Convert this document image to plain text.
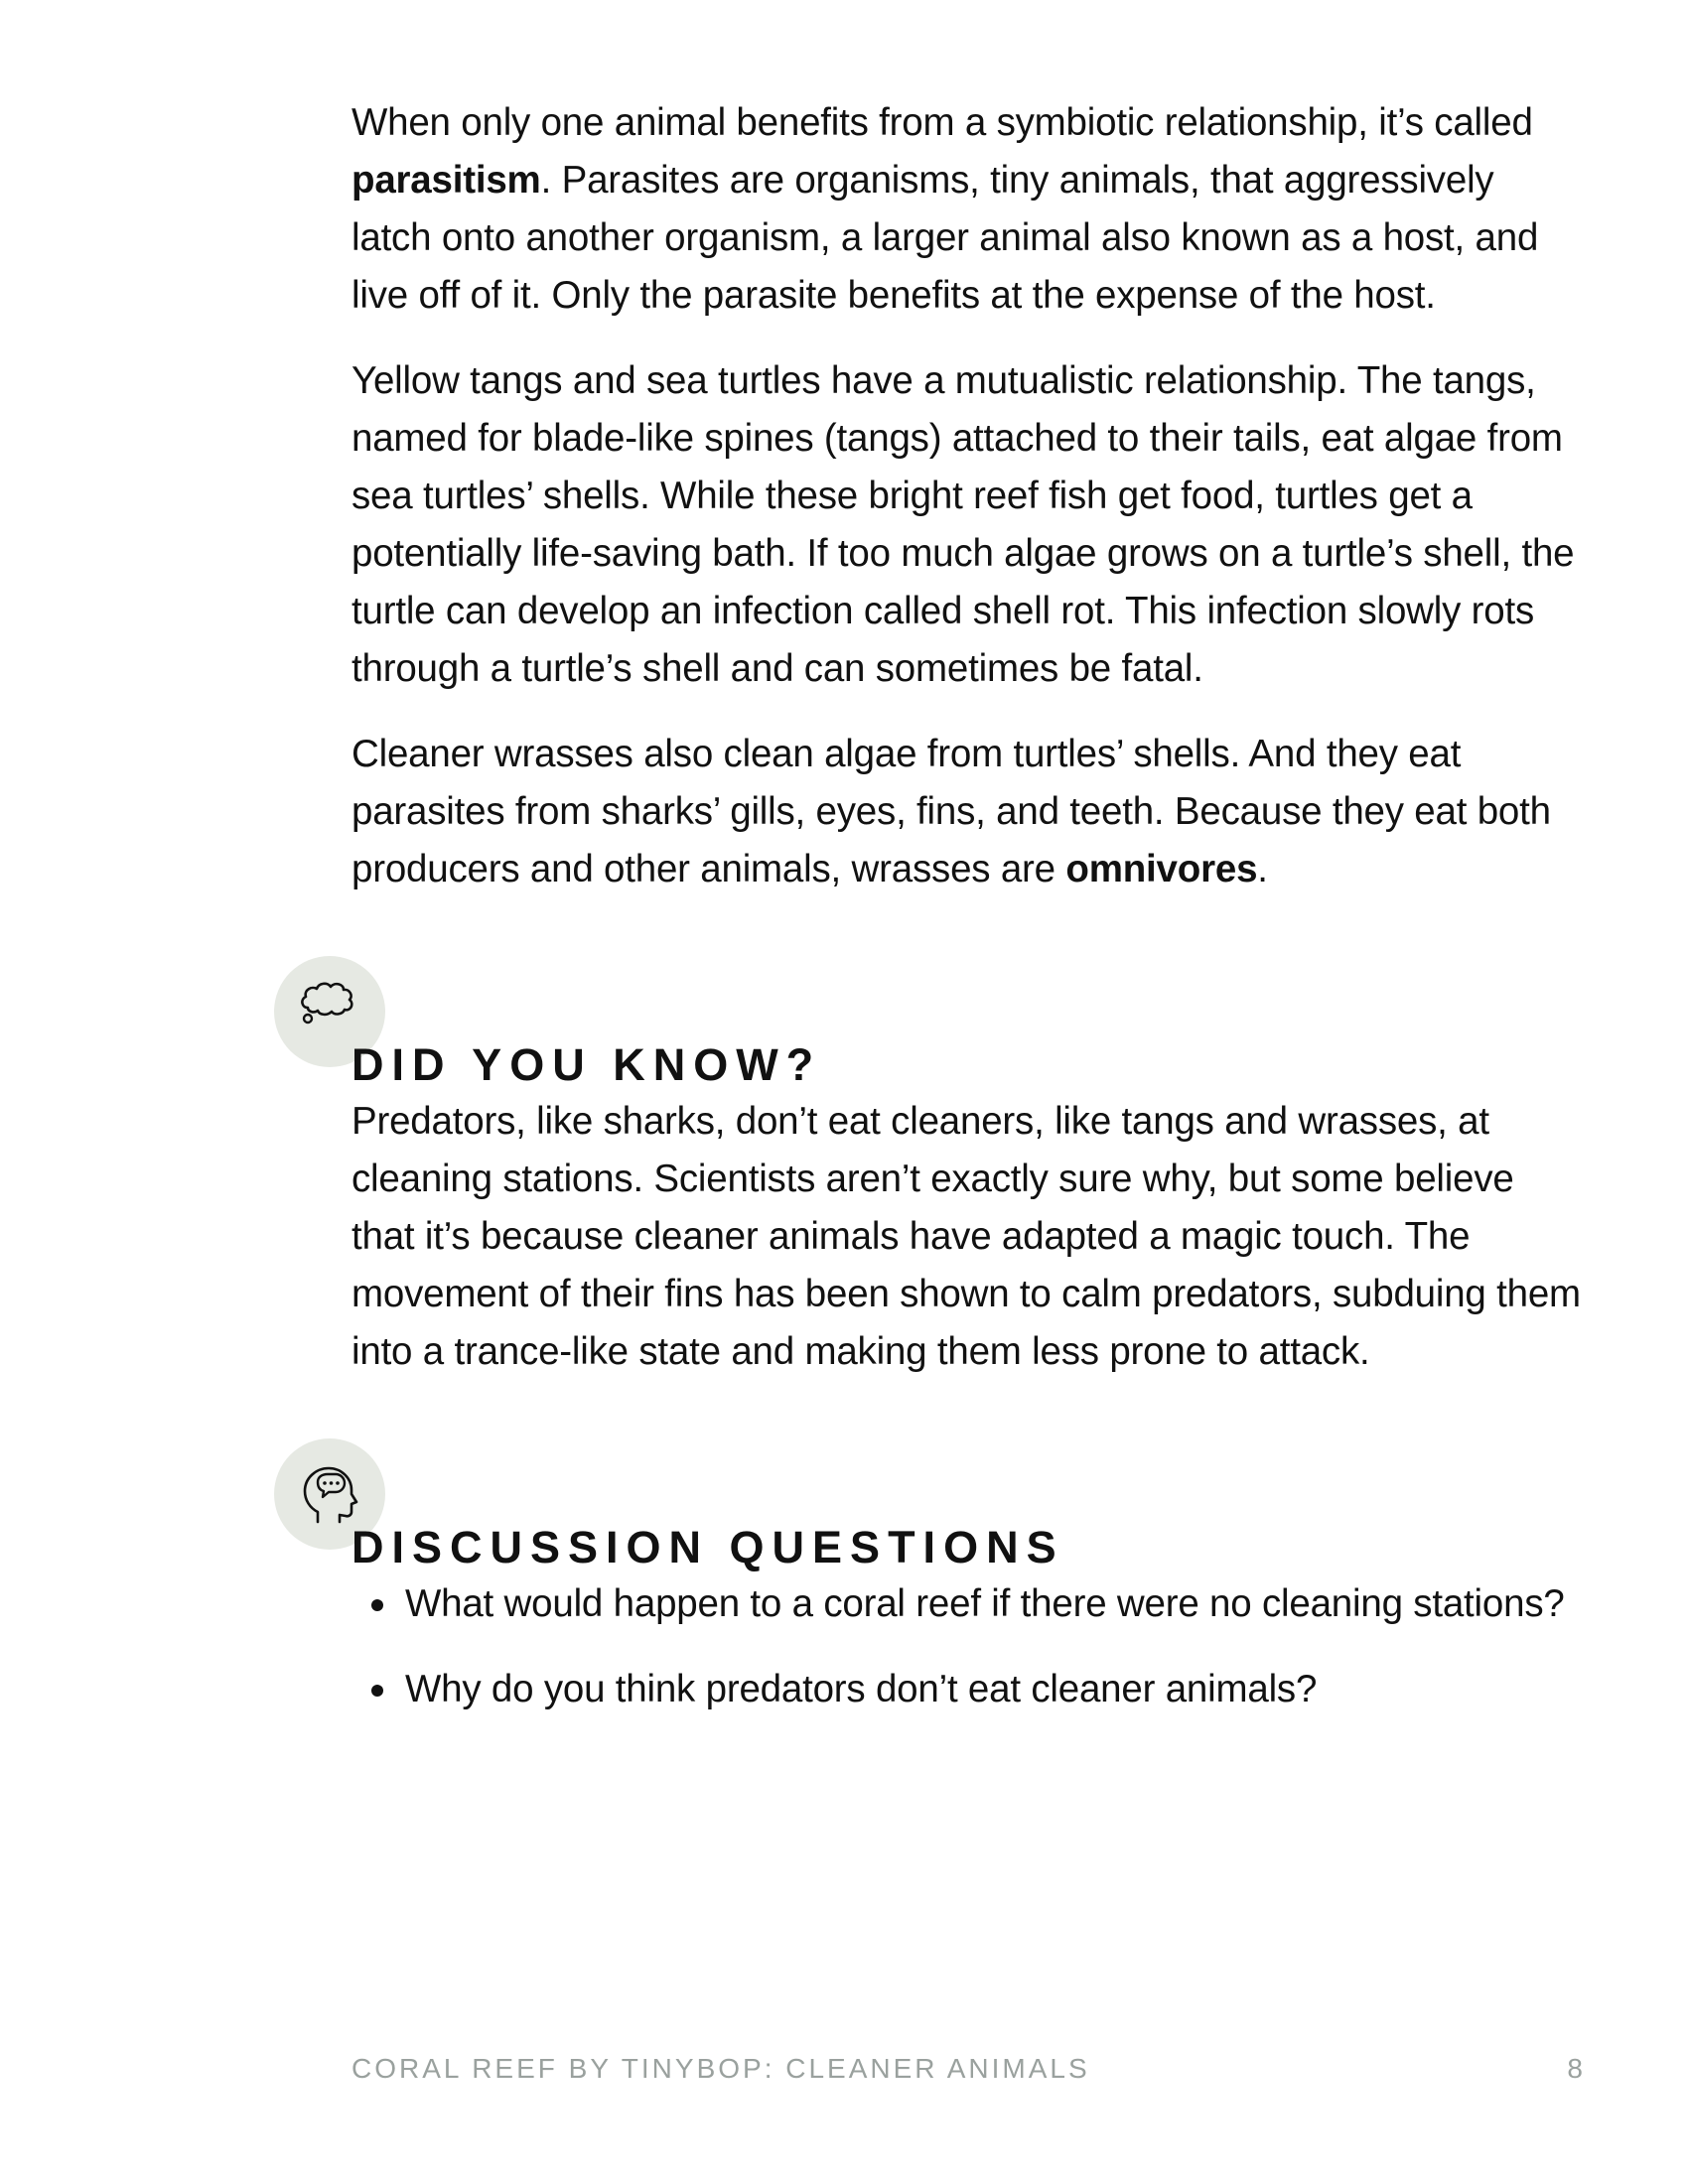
When only one animal benefits from a symbiotic relationship, it’s called parasitism. Parasites are organisms, tiny animals, that aggressively latch onto another organism, a larger animal also known as a host, and live off of it. Only the parasite benefits at the expense of the host.

Yellow tangs and sea turtles have a mutualistic relationship. The tangs, named for blade-like spines (tangs) attached to their tails, eat algae from sea turtles’ shells. While these bright reef fish get food, turtles get a potentially life-saving bath. If too much algae grows on a turtle’s shell, the turtle can develop an infection called shell rot. This infection slowly rots through a turtle’s shell and can sometimes be fatal.

Cleaner wrasses also clean algae from turtles’ shells. And they eat parasites from sharks’ gills, eyes, fins, and teeth. Because they eat both producers and other animals, wrasses are omnivores.

DID YOU KNOW?

Predators, like sharks, don’t eat cleaners, like tangs and wrasses, at cleaning stations. Scientists aren’t exactly sure why, but some believe that it’s because cleaner animals have adapted a magic touch. The movement of their fins has been shown to calm predators, subduing them into a trance-like state and making them less prone to attack.

DISCUSSION QUESTIONS
What would happen to a coral reef if there were no cleaning stations?
Why do you think predators don’t eat cleaner animals?
CORAL REEF BY TINYBOP: CLEANER ANIMALS	8
